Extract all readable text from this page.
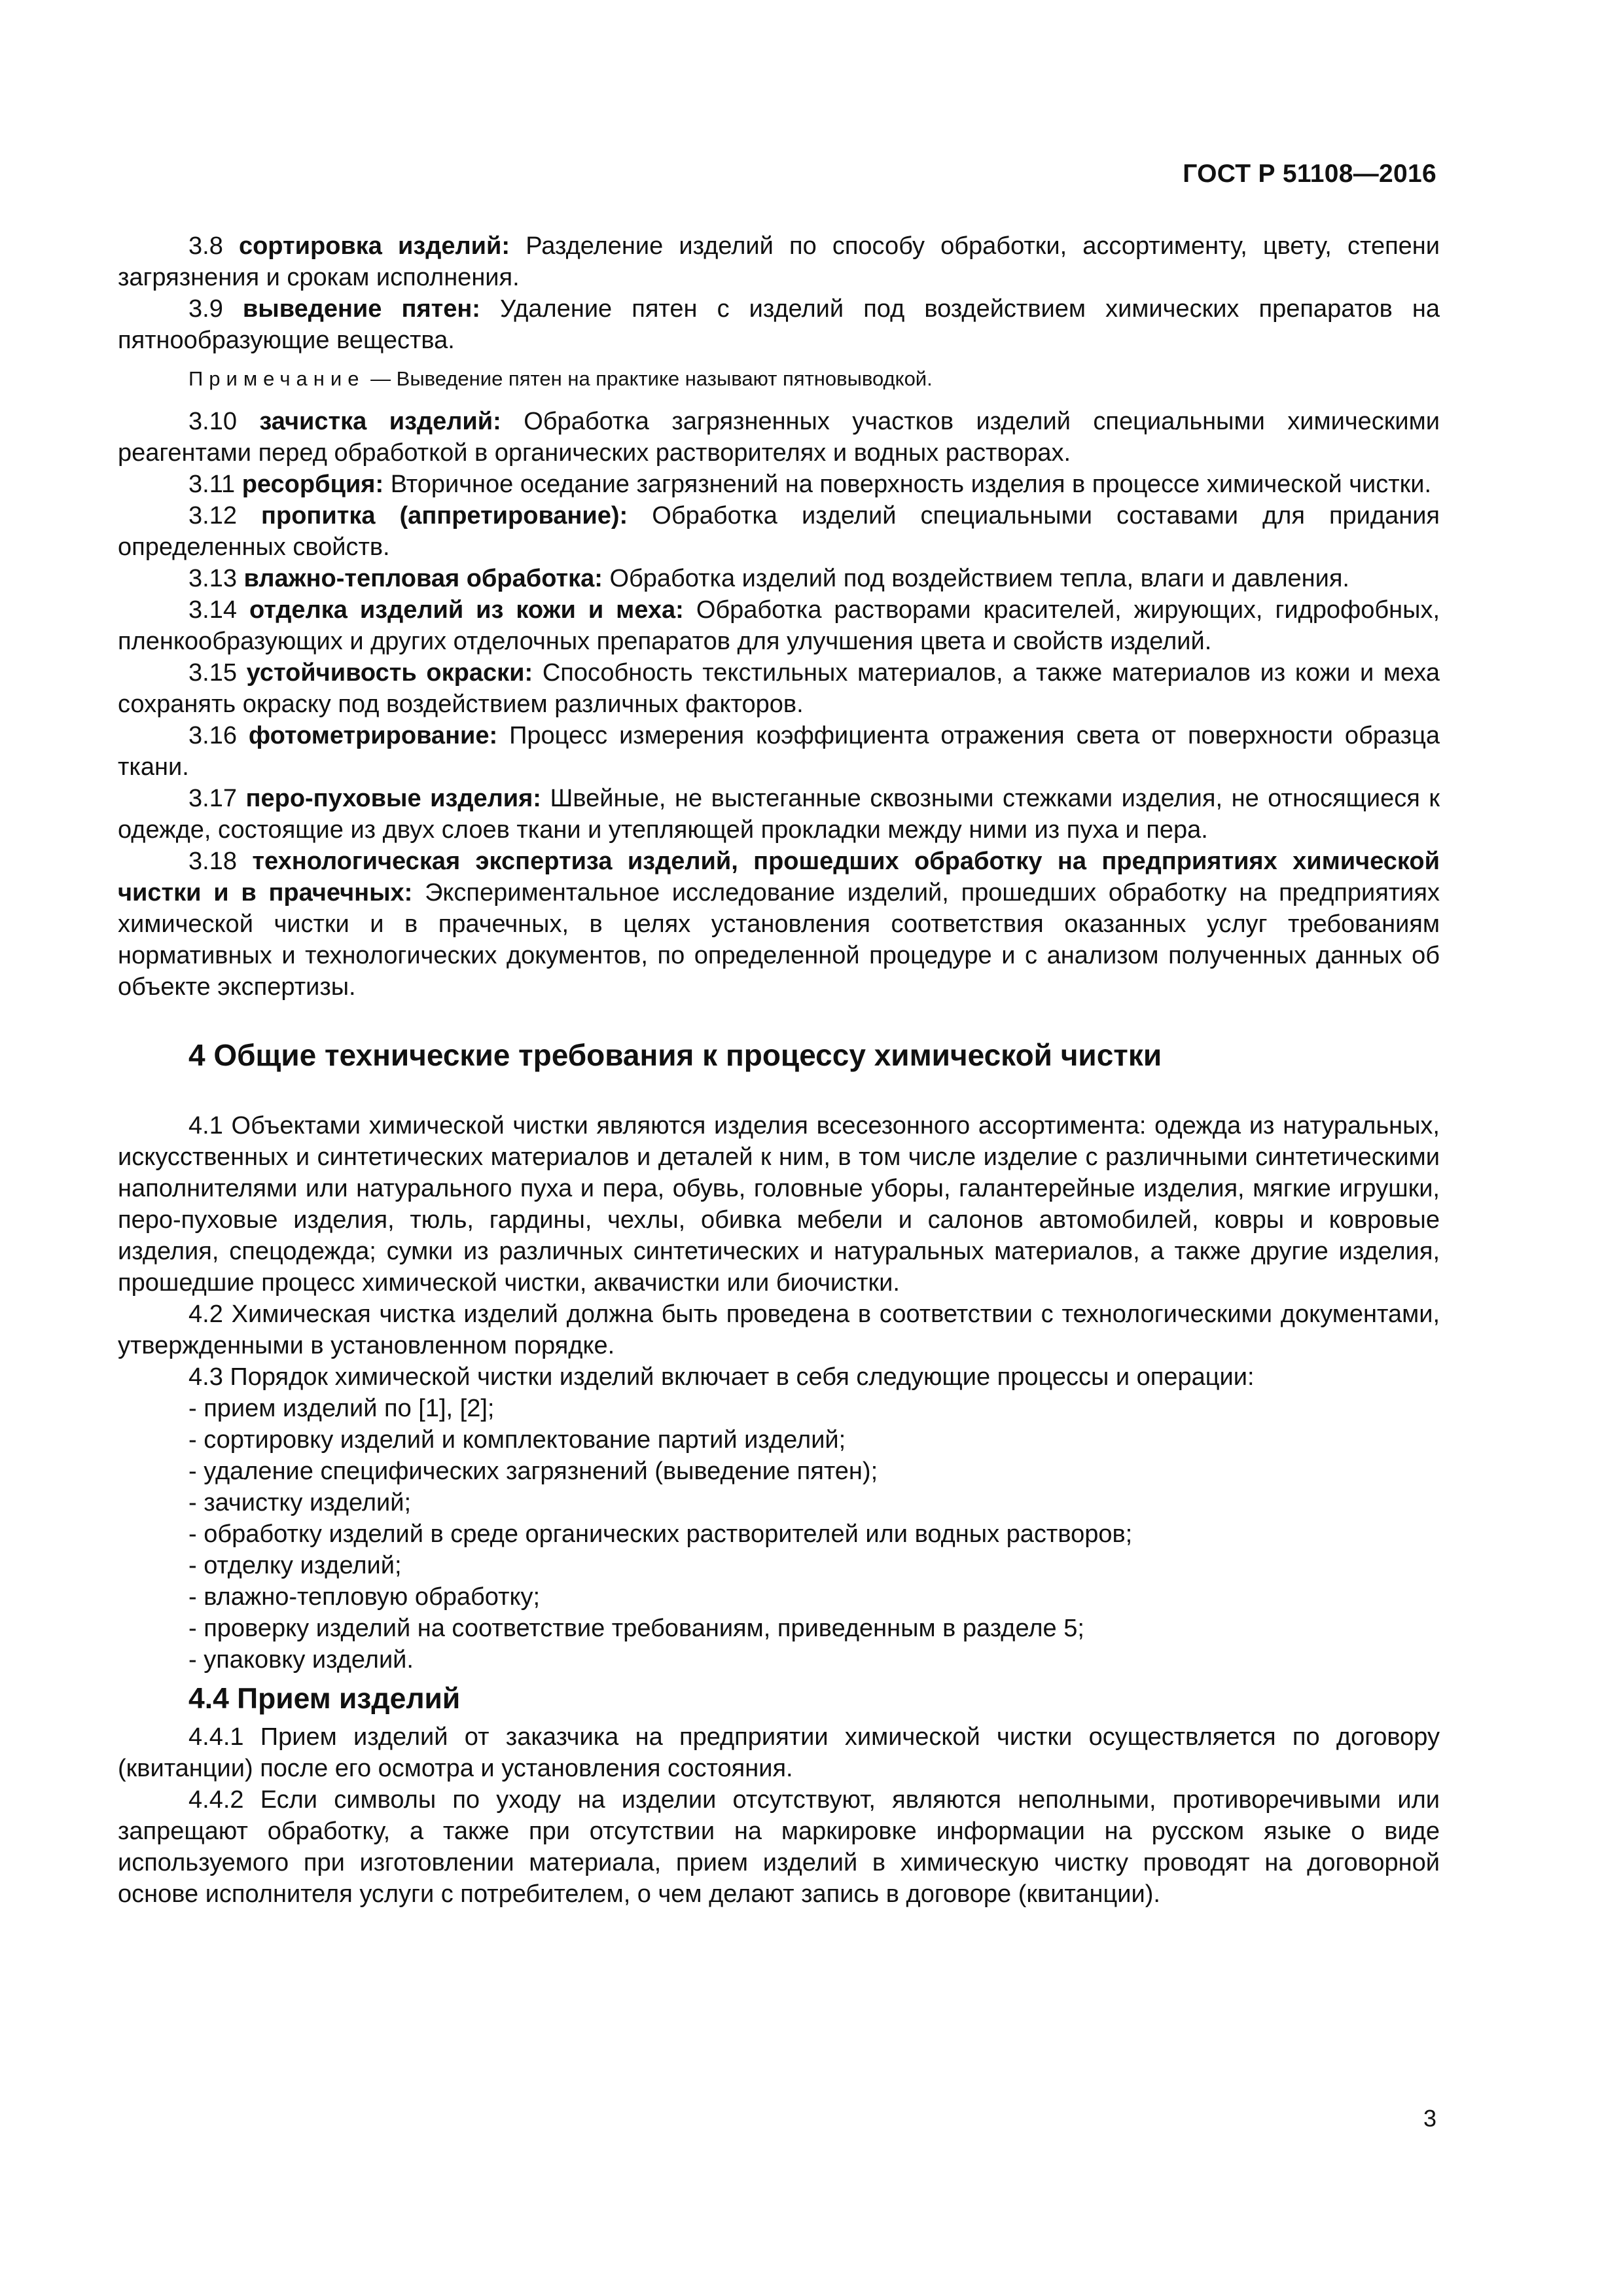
ГОСТ Р 51108—2016

3.8 сортировка изделий: Разделение изделий по способу обработки, ассортименту, цвету, степени загрязнения и срокам исполнения.

3.9 выведение пятен: Удаление пятен с изделий под воздействием химических препаратов на пятнообразующие вещества.

Примечание — Выведение пятен на практике называют пятновыводкой.

3.10 зачистка изделий: Обработка загрязненных участков изделий специальными химическими реагентами перед обработкой в органических растворителях и водных растворах.

3.11 ресорбция: Вторичное оседание загрязнений на поверхность изделия в процессе химической чистки.

3.12 пропитка (аппретирование): Обработка изделий специальными составами для придания определенных свойств.

3.13 влажно-тепловая обработка: Обработка изделий под воздействием тепла, влаги и давления.

3.14 отделка изделий из кожи и меха: Обработка растворами красителей, жирующих, гидрофобных, пленкообразующих и других отделочных препаратов для улучшения цвета и свойств изделий.

3.15 устойчивость окраски: Способность текстильных материалов, а также материалов из кожи и меха сохранять окраску под воздействием различных факторов.

3.16 фотометрирование: Процесс измерения коэффициента отражения света от поверхности образца ткани.

3.17 перо-пуховые изделия: Швейные, не выстеганные сквозными стежками изделия, не относящиеся к одежде, состоящие из двух слоев ткани и утепляющей прокладки между ними из пуха и пера.

3.18 технологическая экспертиза изделий, прошедших обработку на предприятиях химической чистки и в прачечных: Экспериментальное исследование изделий, прошедших обработку на предприятиях химической чистки и в прачечных, в целях установления соответствия оказанных услуг требованиям нормативных и технологических документов, по определенной процедуре и с анализом полученных данных об объекте экспертизы.

4 Общие технические требования к процессу химической чистки

4.1 Объектами химической чистки являются изделия всесезонного ассортимента: одежда из натуральных, искусственных и синтетических материалов и деталей к ним, в том числе изделие с различными синтетическими наполнителями или натурального пуха и пера, обувь, головные уборы, галантерейные изделия, мягкие игрушки, перо-пуховые изделия, тюль, гардины, чехлы, обивка мебели и салонов автомобилей, ковры и ковровые изделия, спецодежда; сумки из различных синтетических и натуральных материалов, а также другие изделия, прошедшие процесс химической чистки, аквачистки или биочистки.

4.2 Химическая чистка изделий должна быть проведена в соответствии с технологическими документами, утвержденными в установленном порядке.

4.3 Порядок химической чистки изделий включает в себя следующие процессы и операции:

- прием изделий по [1], [2];
- сортировку изделий и комплектование партий изделий;
- удаление специфических загрязнений (выведение пятен);
- зачистку изделий;
- обработку изделий в среде органических растворителей или водных растворов;
- отделку изделий;
- влажно-тепловую обработку;
- проверку изделий на соответствие требованиям, приведенным в разделе 5;
- упаковку изделий.
4.4 Прием изделий

4.4.1 Прием изделий от заказчика на предприятии химической чистки осуществляется по договору (квитанции) после его осмотра и установления состояния.

4.4.2 Если символы по уходу на изделии отсутствуют, являются неполными, противоречивыми или запрещают обработку, а также при отсутствии на маркировке информации на русском языке о виде используемого при изготовлении материала, прием изделий в химическую чистку проводят на договорной основе исполнителя услуги с потребителем, о чем делают запись в договоре (квитанции).

3
